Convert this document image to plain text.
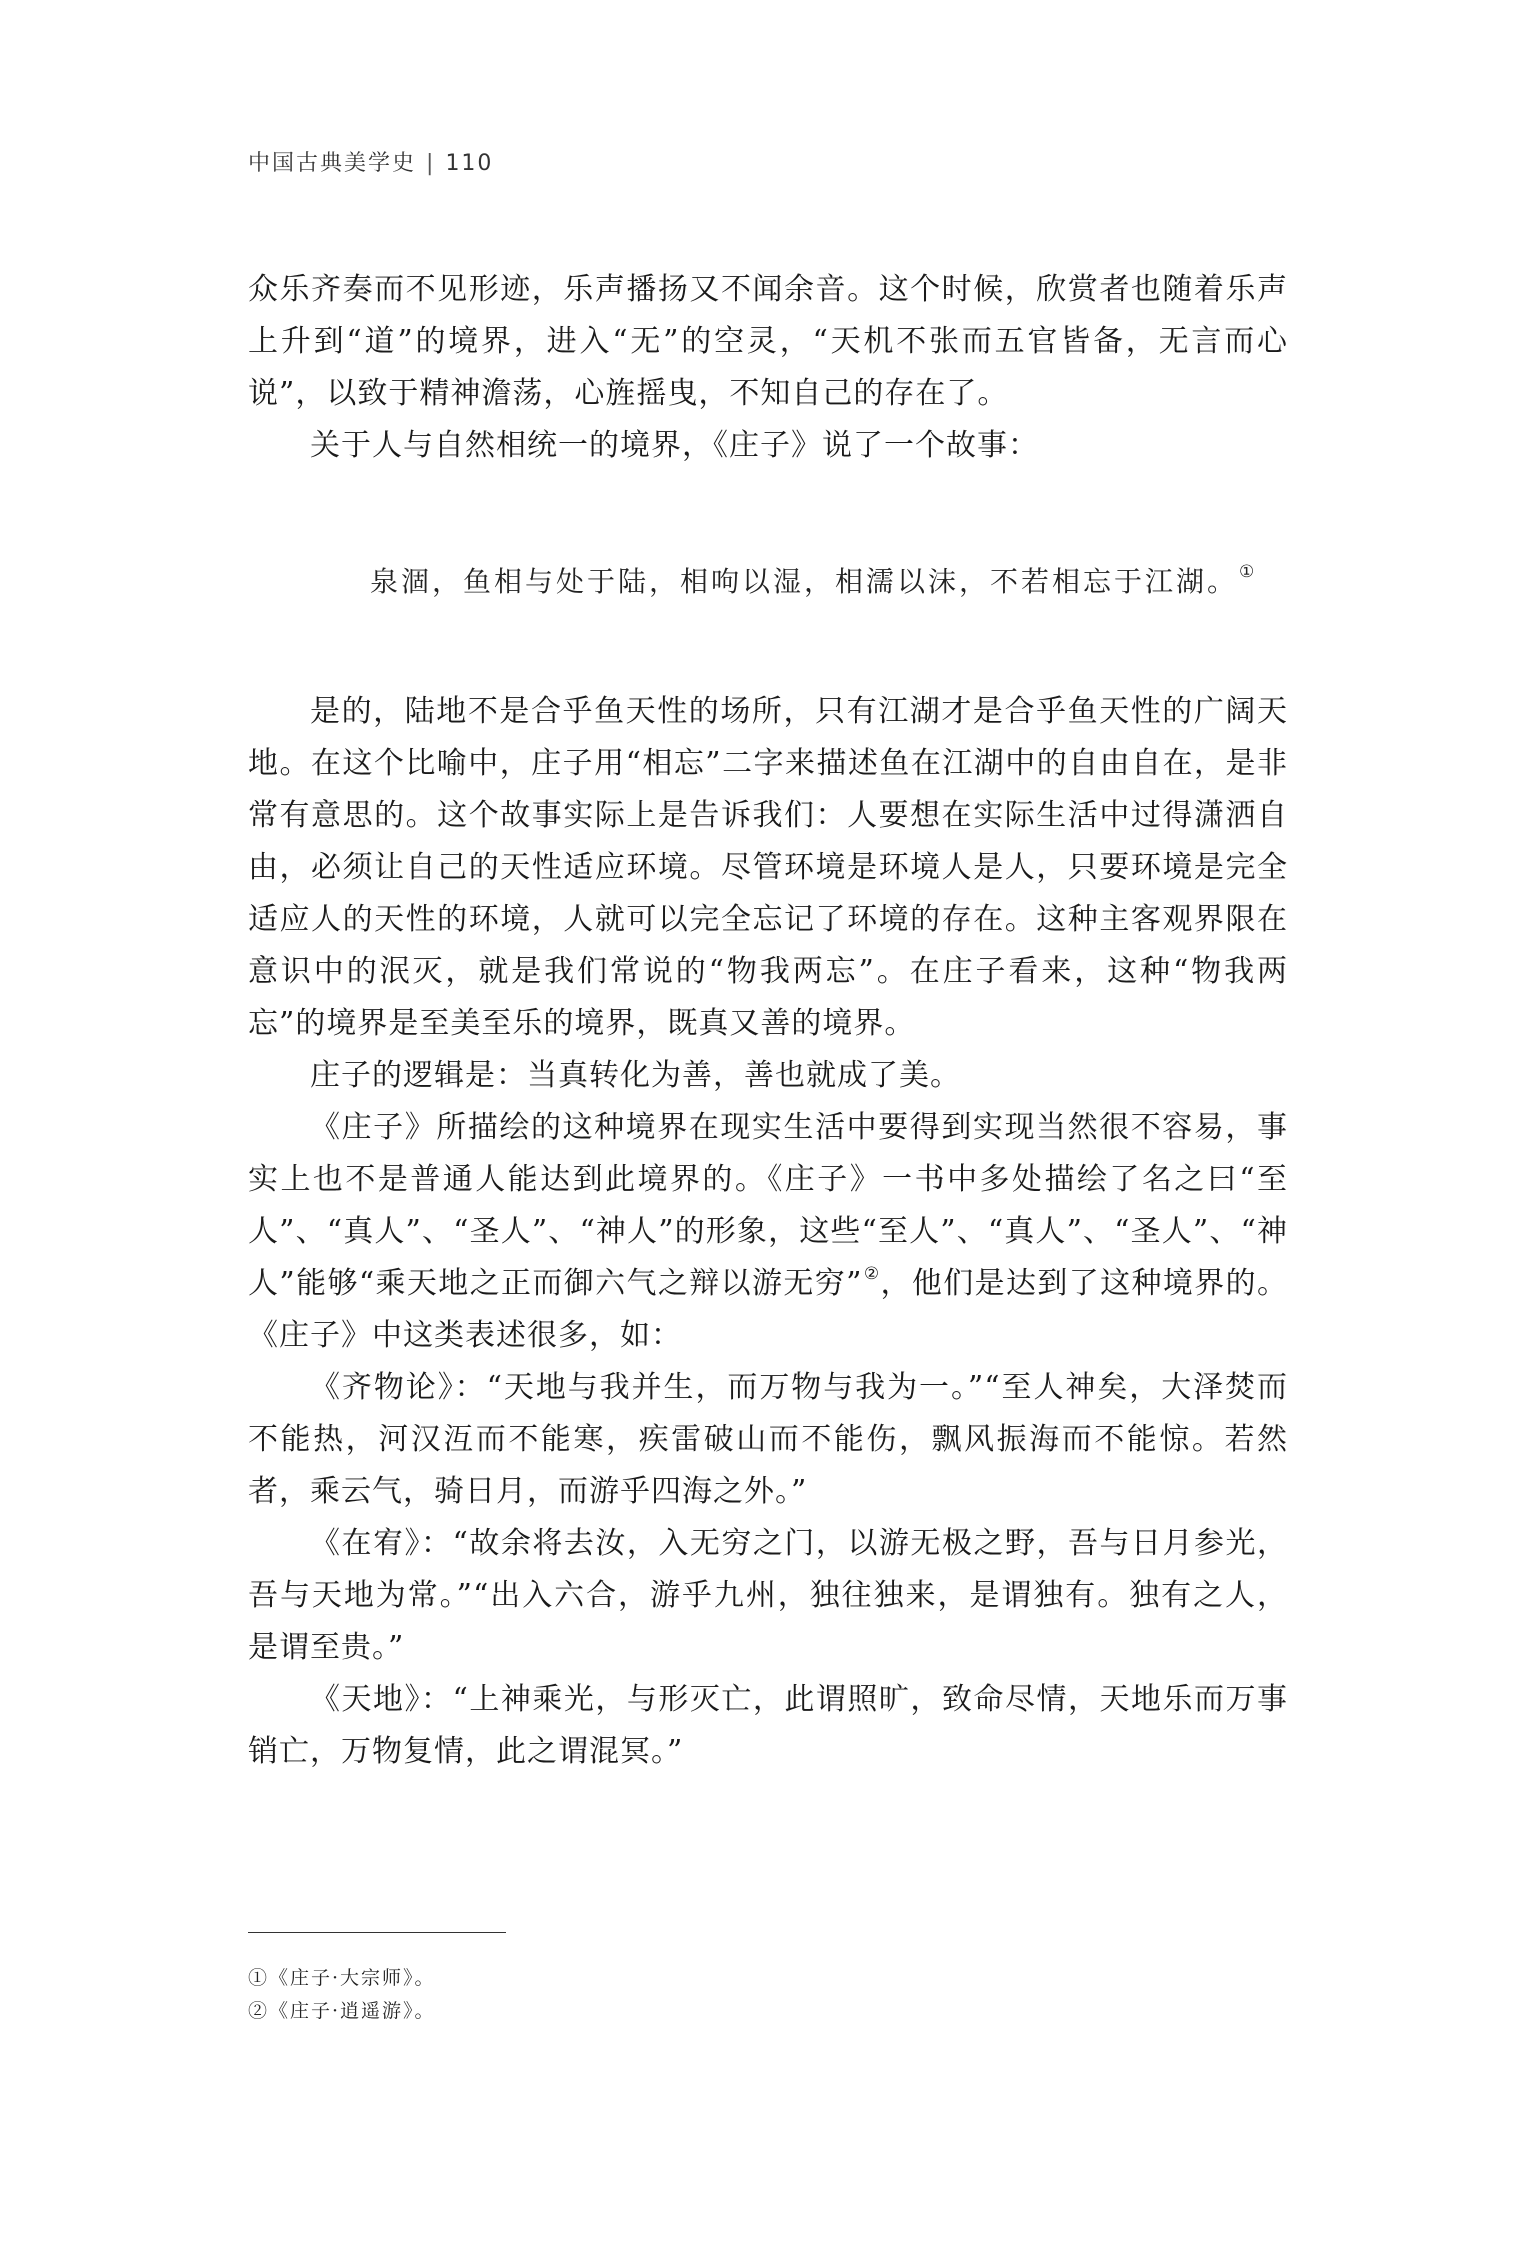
中国古典美学史 | 110

众乐齐奏而不见形迹，乐声播扬又不闻余音。这个时候，欣赏者也随着乐声上升到“道”的境界，进入“无”的空灵，“天机不张而五官皆备，无言而心说”，以致于精神澹荡，心旌摇曳，不知自己的存在了。

关于人与自然相统一的境界，《庄子》说了一个故事：

泉涸，鱼相与处于陆，相呴以湿，相濡以沫，不若相忘于江湖。①

是的，陆地不是合乎鱼天性的场所，只有江湖才是合乎鱼天性的广阔天地。在这个比喻中，庄子用“相忘”二字来描述鱼在江湖中的自由自在，是非常有意思的。这个故事实际上是告诉我们：人要想在实际生活中过得潇洒自由，必须让自己的天性适应环境。尽管环境是环境人是人，只要环境是完全适应人的天性的环境，人就可以完全忘记了环境的存在。这种主客观界限在意识中的泯灭，就是我们常说的“物我两忘”。在庄子看来，这种“物我两忘”的境界是至美至乐的境界，既真又善的境界。

庄子的逻辑是：当真转化为善，善也就成了美。

《庄子》所描绘的这种境界在现实生活中要得到实现当然很不容易，事实上也不是普通人能达到此境界的。《庄子》一书中多处描绘了名之曰“至人”、“真人”、“圣人”、“神人”的形象，这些“至人”、“真人”、“圣人”、“神人”能够“乘天地之正而御六气之辩以游无穷”②，他们是达到了这种境界的。《庄子》中这类表述很多，如：

《齐物论》：“天地与我并生，而万物与我为一。”“至人神矣，大泽焚而不能热，河汉沍而不能寒，疾雷破山而不能伤，飘风振海而不能惊。若然者，乘云气，骑日月，而游乎四海之外。”

《在宥》：“故余将去汝，入无穷之门，以游无极之野，吾与日月参光，吾与天地为常。”“出入六合，游乎九州，独往独来，是谓独有。独有之人，是谓至贵。”

《天地》：“上神乘光，与形灭亡，此谓照旷，致命尽情，天地乐而万事销亡，万物复情，此之谓混冥。”

①《庄子·大宗师》。
②《庄子·逍遥游》。
